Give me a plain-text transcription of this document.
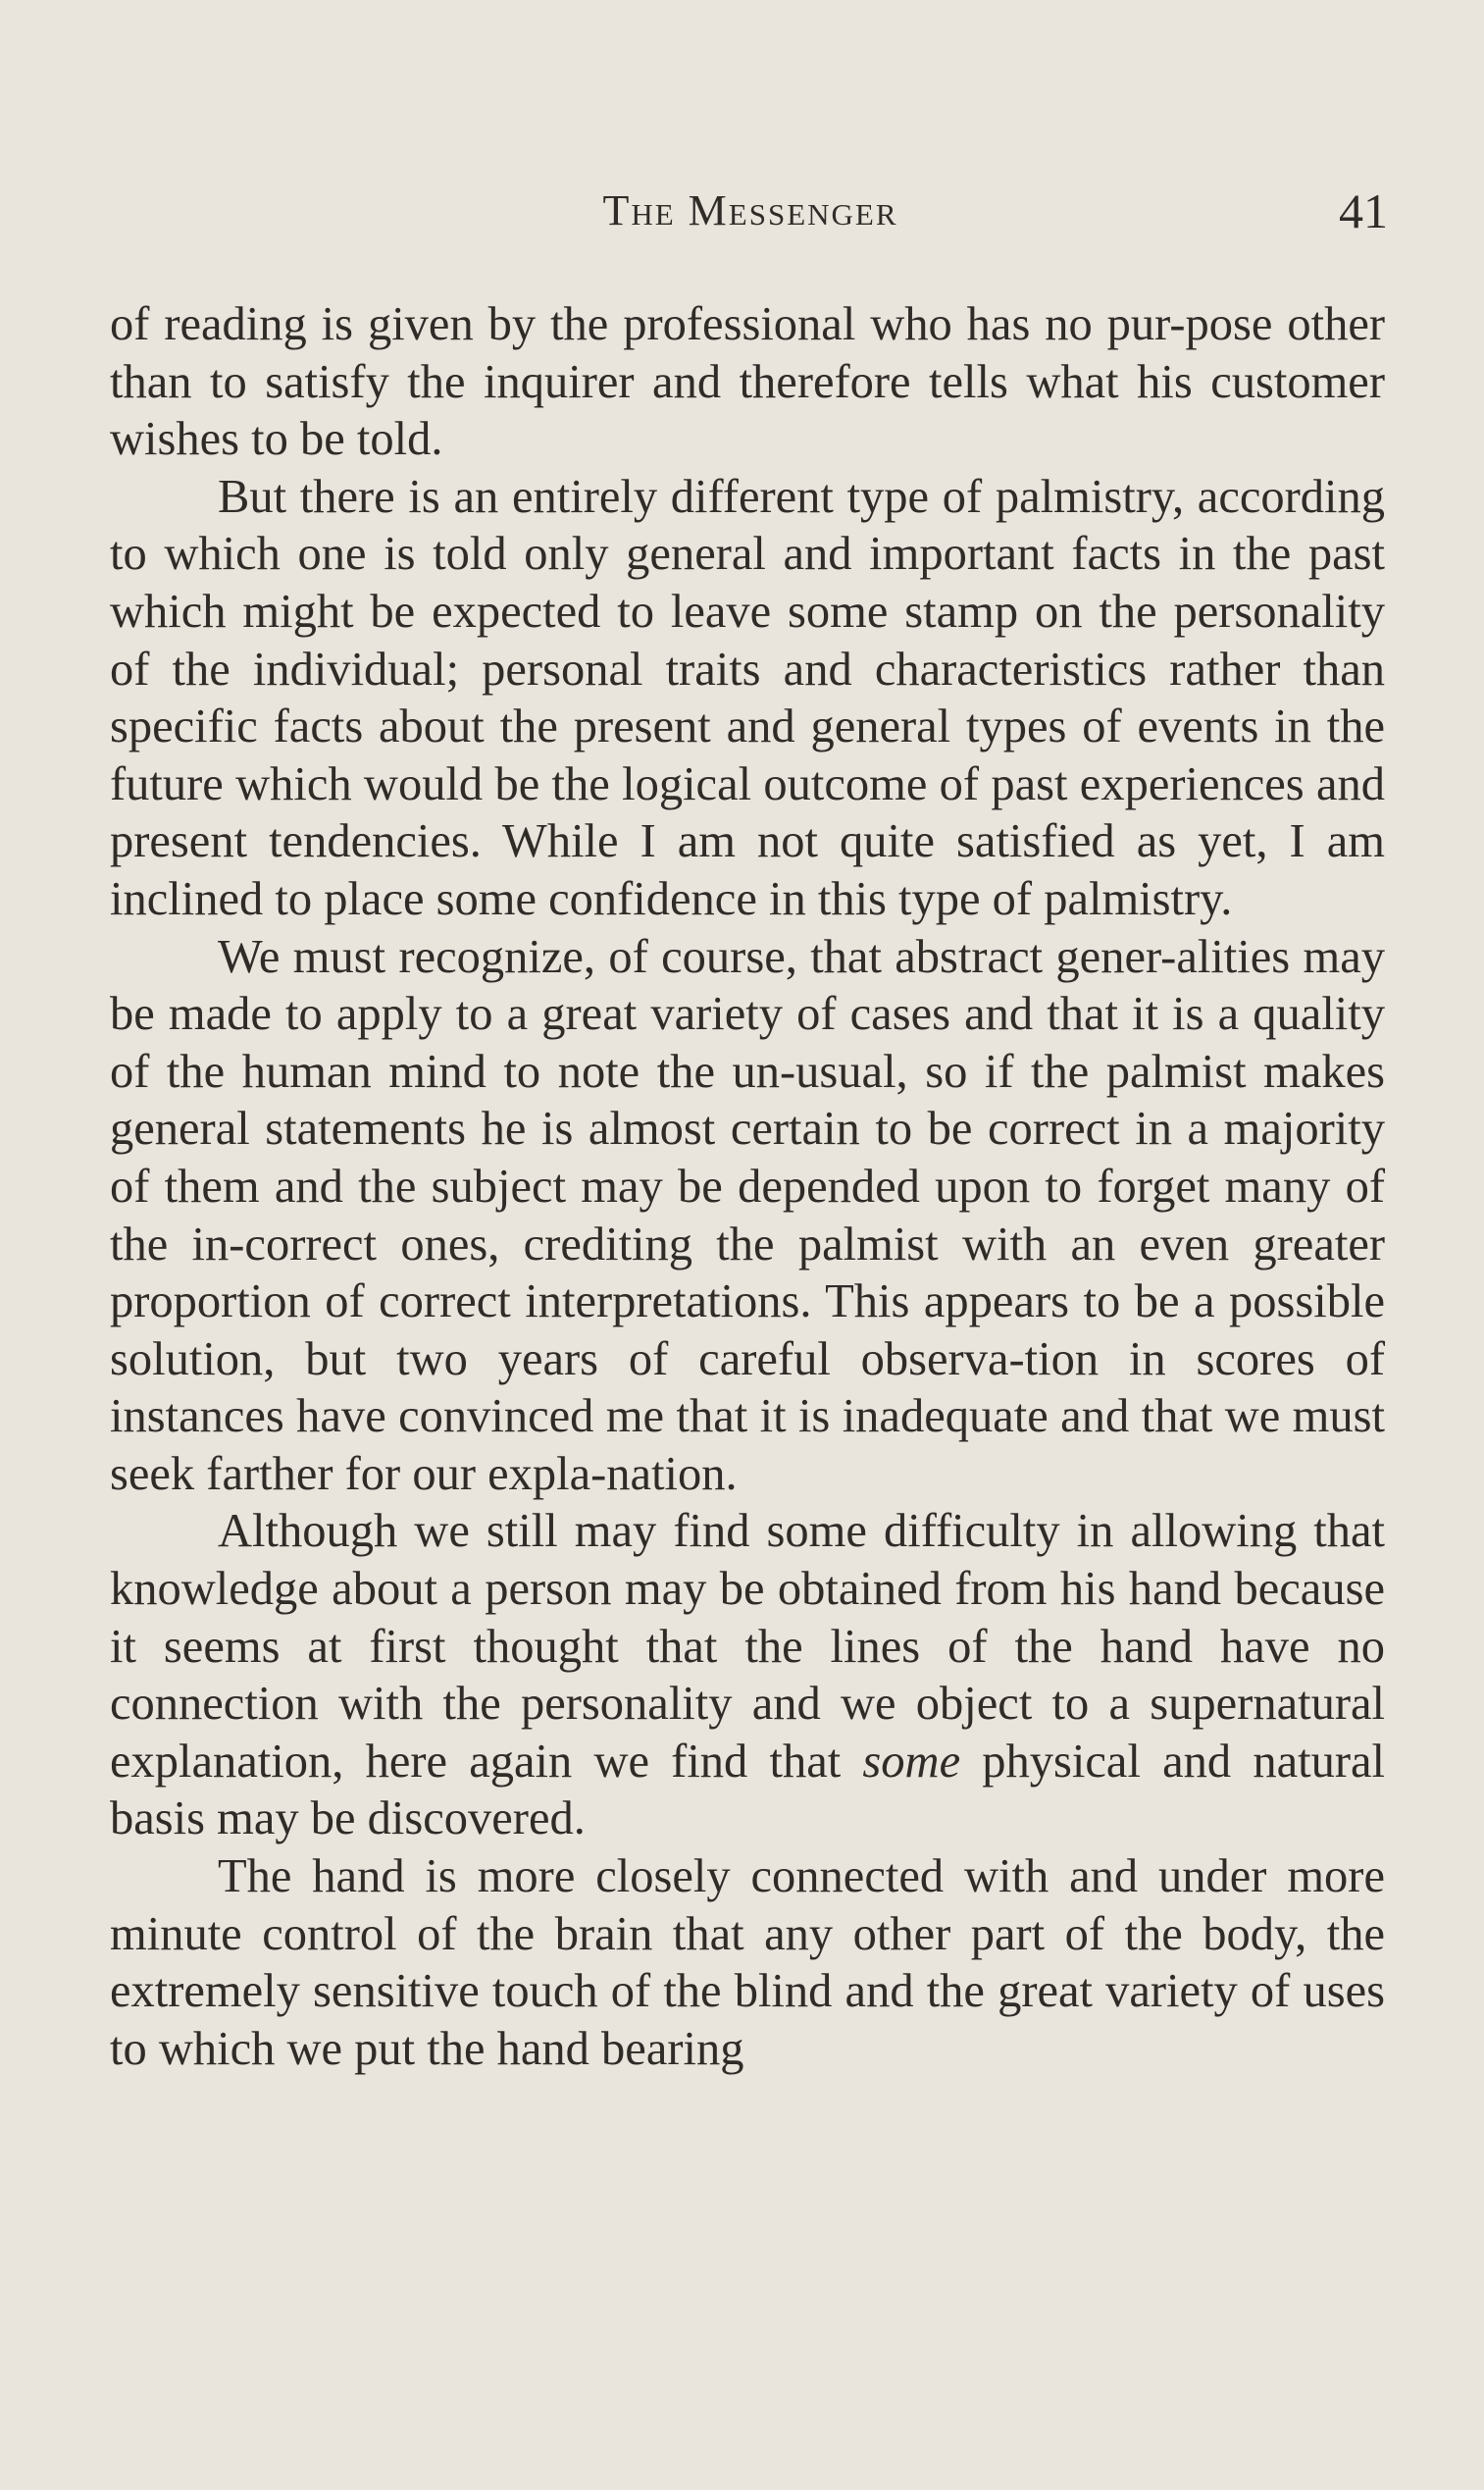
The Messenger	41

of reading is given by the professional who has no pur-pose other than to satisfy the inquirer and therefore tells what his customer wishes to be told.

But there is an entirely different type of palmistry, according to which one is told only general and important facts in the past which might be expected to leave some stamp on the personality of the individual; personal traits and characteristics rather than specific facts about the present and general types of events in the future which would be the logical outcome of past experiences and present tendencies. While I am not quite satisfied as yet, I am inclined to place some confidence in this type of palmistry.

We must recognize, of course, that abstract gener-alities may be made to apply to a great variety of cases and that it is a quality of the human mind to note the un-usual, so if the palmist makes general statements he is almost certain to be correct in a majority of them and the subject may be depended upon to forget many of the in-correct ones, crediting the palmist with an even greater proportion of correct interpretations. This appears to be a possible solution, but two years of careful observa-tion in scores of instances have convinced me that it is inadequate and that we must seek farther for our expla-nation.

Although we still may find some difficulty in allowing that knowledge about a person may be obtained from his hand because it seems at first thought that the lines of the hand have no connection with the personality and we object to a supernatural explanation, here again we find that some physical and natural basis may be discovered.

The hand is more closely connected with and under more minute control of the brain that any other part of the body, the extremely sensitive touch of the blind and the great variety of uses to which we put the hand bearing
